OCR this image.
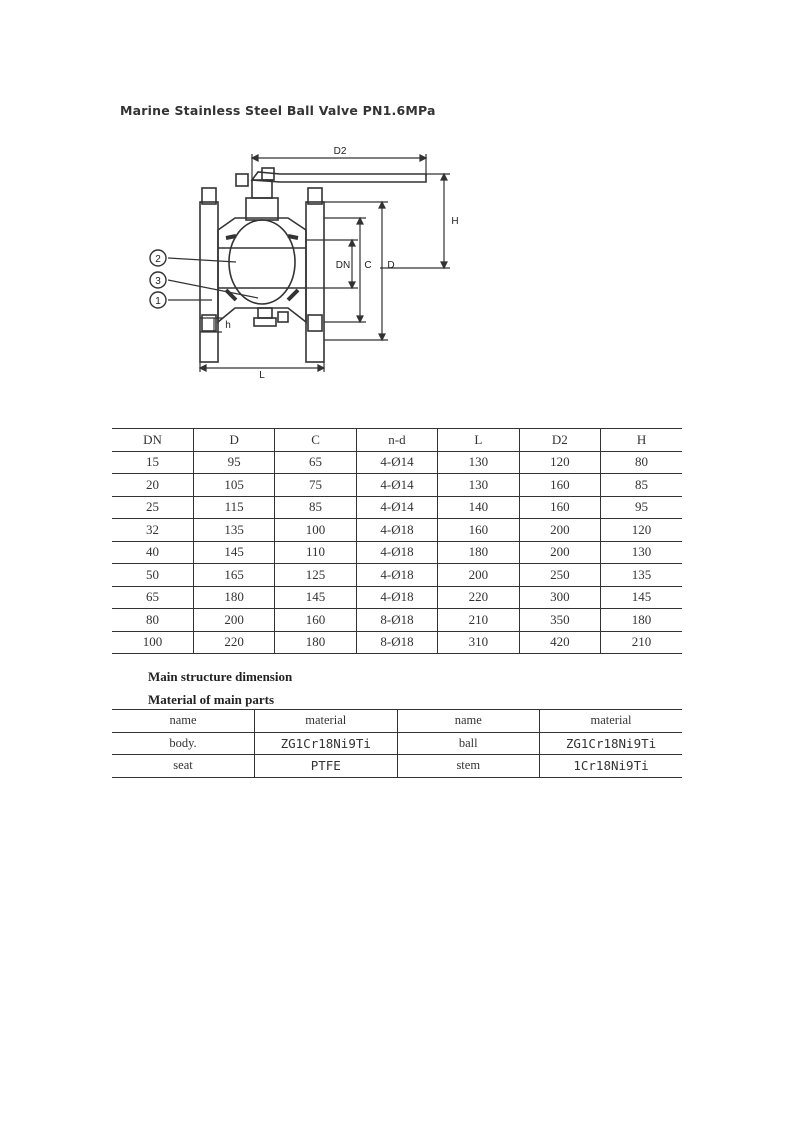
Marine Stainless Steel Ball Valve PN1.6MPa
2
3
1
D2
H
DN C D
L
h
DN	D	C	n-d	L	D2	H
15	95	65	4-Ø14	130	120	80
20	105	75	4-Ø14	130	160	85
25	115	85	4-Ø14	140	160	95
32	135	100	4-Ø18	160	200	120
40	145	110	4-Ø18	180	200	130
50	165	125	4-Ø18	200	250	135
65	180	145	4-Ø18	220	300	145
80	200	160	8-Ø18	210	350	180
100	220	180	8-Ø18	310	420	210
Main structure dimension
Material of main parts
name	material	name	material
body.	ZG1Cr18Ni9Ti	ball	ZG1Cr18Ni9Ti
seat	PTFE	stem	1Cr18Ni9Ti
